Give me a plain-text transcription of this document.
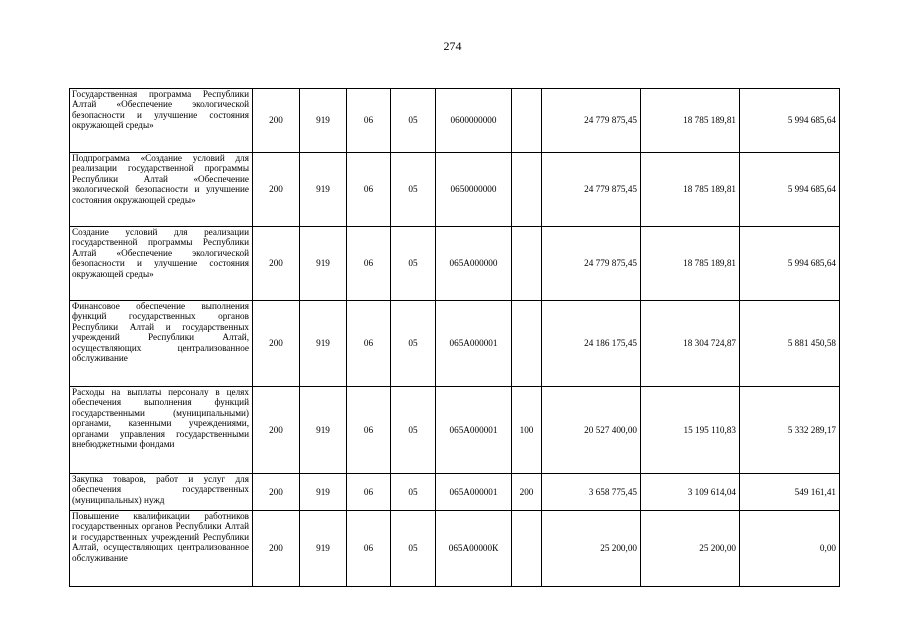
274
Государственная программа Республики Алтай «Обеспечение экологической безопасности и улучшение состояния окружающей среды»	200	919	06	05	0600000000		24 779 875,45	18 785 189,81	5 994 685,64
Подпрограмма «Создание условий для реализации государственной программы Республики Алтай «Обеспечение экологической безопасности и улучшение состояния окружающей среды»	200	919	06	05	0650000000		24 779 875,45	18 785 189,81	5 994 685,64
Создание условий для реализации государственной программы Республики Алтай «Обеспечение экологической безопасности и улучшение состояния окружающей среды»	200	919	06	05	065А000000		24 779 875,45	18 785 189,81	5 994 685,64
Финансовое обеспечение выполнения функций государственных органов Республики Алтай и государственных учреждений Республики Алтай, осуществляющих централизованное обслуживание	200	919	06	05	065А000001		24 186 175,45	18 304 724,87	5 881 450,58
Расходы на выплаты персоналу в целях обеспечения выполнения функций государственными (муниципальными) органами, казенными учреждениями, органами управления государственными внебюджетными фондами	200	919	06	05	065А000001	100	20 527 400,00	15 195 110,83	5 332 289,17
Закупка товаров, работ и услуг для обеспечения государственных (муниципальных) нужд	200	919	06	05	065А000001	200	3 658 775,45	3 109 614,04	549 161,41
Повышение квалификации работников государственных органов Республики Алтай и государственных учреждений Республики Алтай, осуществляющих централизованное обслуживание	200	919	06	05	065А00000К		25 200,00	25 200,00	0,00
